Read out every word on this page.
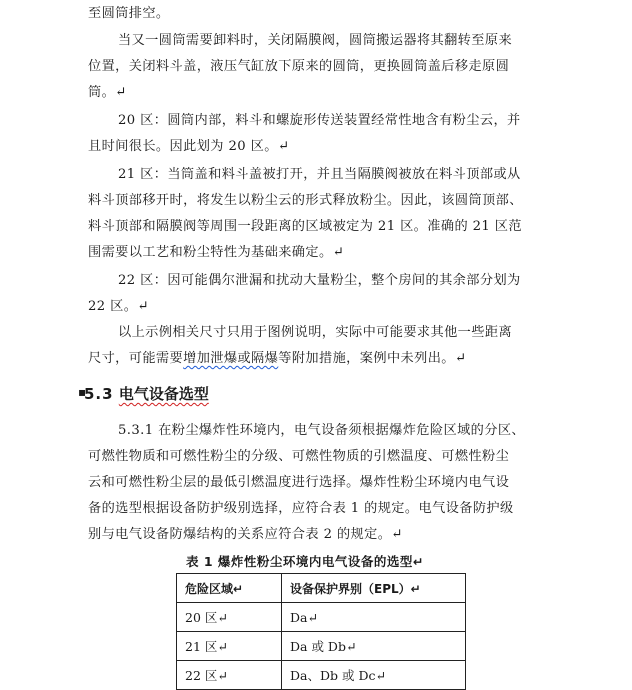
至圆筒排空。
当又一圆筒需要卸料时，关闭隔膜阀，圆筒搬运器将其翻转至原来
位置，关闭料斗盖，液压气缸放下原来的圆筒，更换圆筒盖后移走原圆
筒。↵
20 区：圆筒内部，料斗和螺旋形传送装置经常性地含有粉尘云，并
且时间很长。因此划为 20 区。↵
21 区：当筒盖和料斗盖被打开，并且当隔膜阀被放在料斗顶部或从
料斗顶部移开时，将发生以粉尘云的形式释放粉尘。因此，该圆筒顶部、
料斗顶部和隔膜阀等周围一段距离的区域被定为 21 区。准确的 21 区范
围需要以工艺和粉尘特性为基础来确定。↵
22 区：因可能偶尔泄漏和扰动大量粉尘，整个房间的其余部分划为
22 区。↵
以上示例相关尺寸只用于图例说明，实际中可能要求其他一些距离
尺寸，可能需要增加泄爆或隔爆等附加措施，案例中未列出。↵
▪
5.3 电气设备选型
5.3.1 在粉尘爆炸性环境内，电气设备须根据爆炸危险区域的分区、
可燃性物质和可燃性粉尘的分级、可燃性物质的引燃温度、可燃性粉尘
云和可燃性粉尘层的最低引燃温度进行选择。爆炸性粉尘环境内电气设
备的选型根据设备防护级别选择，应符合表 1 的规定。电气设备防护级
别与电气设备防爆结构的关系应符合表 2 的规定。↵
表 1 爆炸性粉尘环境内电气设备的选型↵
危险区域↵	设备保护界别（EPL）↵
20 区↵	Da↵
21 区↵	Da 或 Db↵
22 区↵	Da、Db 或 Dc↵
